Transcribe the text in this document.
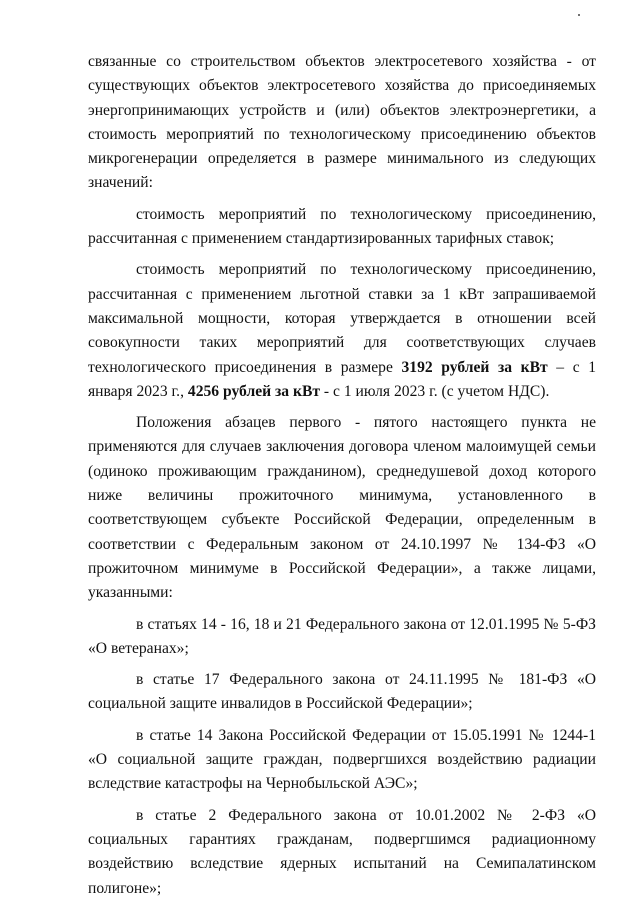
связанные со строительством объектов электросетевого хозяйства - от существующих объектов электросетевого хозяйства до присоединяемых энергопринимающих устройств и (или) объектов электроэнергетики, а стоимость мероприятий по технологическому присоединению объектов микрогенерации определяется в размере минимального из следующих значений:

стоимость мероприятий по технологическому присоединению, рассчитанная с применением стандартизированных тарифных ставок;

стоимость мероприятий по технологическому присоединению, рассчитанная с применением льготной ставки за 1 кВт запрашиваемой максимальной мощности, которая утверждается в отношении всей совокупности таких мероприятий для соответствующих случаев технологического присоединения в размере 3192 рублей за кВт – с 1 января 2023 г., 4256 рублей за кВт - с 1 июля 2023 г. (с учетом НДС).

Положения абзацев первого - пятого настоящего пункта не применяются для случаев заключения договора членом малоимущей семьи (одиноко проживающим гражданином), среднедушевой доход которого ниже величины прожиточного минимума, установленного в соответствующем субъекте Российской Федерации, определенным в соответствии с Федеральным законом от 24.10.1997 № 134-ФЗ «О прожиточном минимуме в Российской Федерации», а также лицами, указанными:

в статьях 14 - 16, 18 и 21 Федерального закона от 12.01.1995 № 5-ФЗ «О ветеранах»;

в статье 17 Федерального закона от 24.11.1995 № 181-ФЗ «О социальной защите инвалидов в Российской Федерации»;

в статье 14 Закона Российской Федерации от 15.05.1991 № 1244-1 «О социальной защите граждан, подвергшихся воздействию радиации вследствие катастрофы на Чернобыльской АЭС»;

в статье 2 Федерального закона от 10.01.2002 № 2-ФЗ «О социальных гарантиях гражданам, подвергшимся радиационному воздействию вследствие ядерных испытаний на Семипалатинском полигоне»;
